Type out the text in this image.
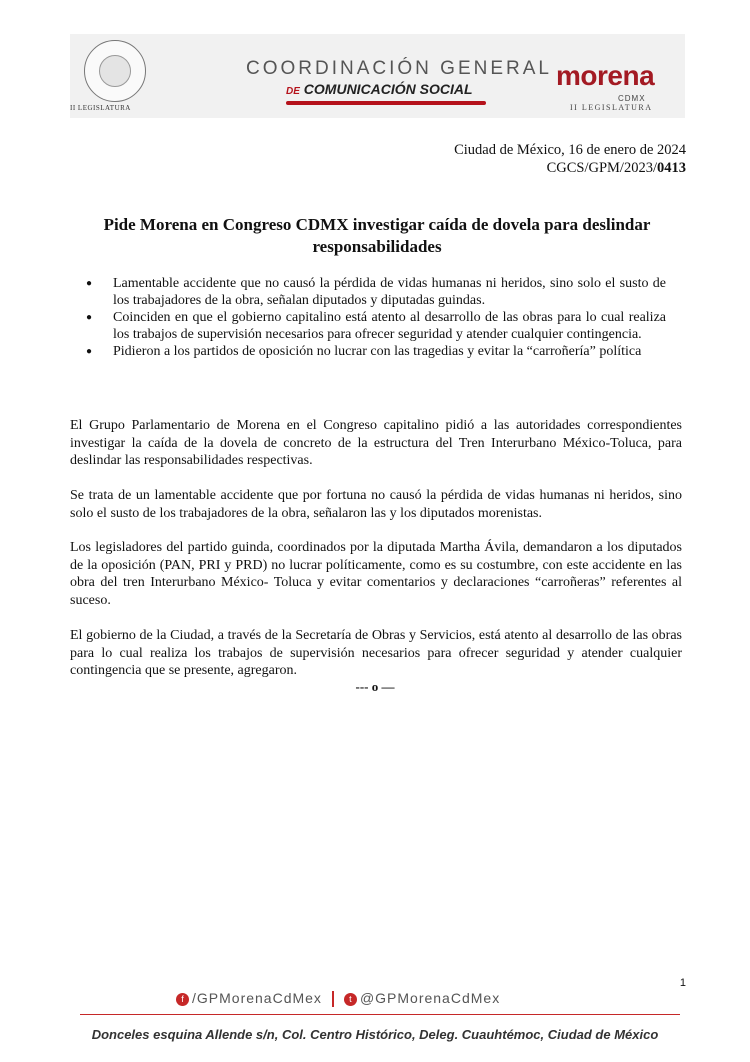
II LEGISLATURA
COORDINACIÓN GENERAL
DE COMUNICACIÓN SOCIAL	morena
CDMX
II LEGISLATURA
Ciudad de México, 16 de enero de 2024
CGCS/GPM/2023/0413
Pide Morena en Congreso CDMX investigar caída de dovela para deslindar responsabilidades
● Lamentable accidente que no causó la pérdida de vidas humanas ni heridos, sino solo el susto de los trabajadores de la obra, señalan diputados y diputadas guindas.
● Coinciden en que el gobierno capitalino está atento al desarrollo de las obras para lo cual realiza los trabajos de supervisión necesarios para ofrecer seguridad y atender cualquier contingencia.
● Pidieron a los partidos de oposición no lucrar con las tragedias y evitar la “carroñería” política

El Grupo Parlamentario de Morena en el Congreso capitalino pidió a las autoridades correspondientes investigar la caída de la dovela de concreto de la estructura del Tren Interurbano México-Toluca, para deslindar las responsabilidades respectivas.

Se trata de un lamentable accidente que por fortuna no causó la pérdida de vidas humanas ni heridos, sino solo el susto de los trabajadores de la obra, señalaron las y los diputados morenistas.

Los legisladores del partido guinda, coordinados por la diputada Martha Ávila, demandaron a los diputados de la oposición (PAN, PRI y PRD) no lucrar políticamente, como es su costumbre, con este accidente en las obra del tren Interurbano México- Toluca y evitar comentarios y declaraciones “carroñeras” referentes al suceso.

El gobierno de la Ciudad, a través de la Secretaría de Obras y Servicios, está atento al desarrollo de las obras para lo cual realiza los trabajos de supervisión necesarios para ofrecer seguridad y atender cualquier contingencia que se presente, agregaron.

--- o —
1
f /GPMorenaCdMex	t @GPMorenaCdMex
Donceles esquina Allende s/n, Col. Centro Histórico, Deleg. Cuauhtémoc, Ciudad de México
